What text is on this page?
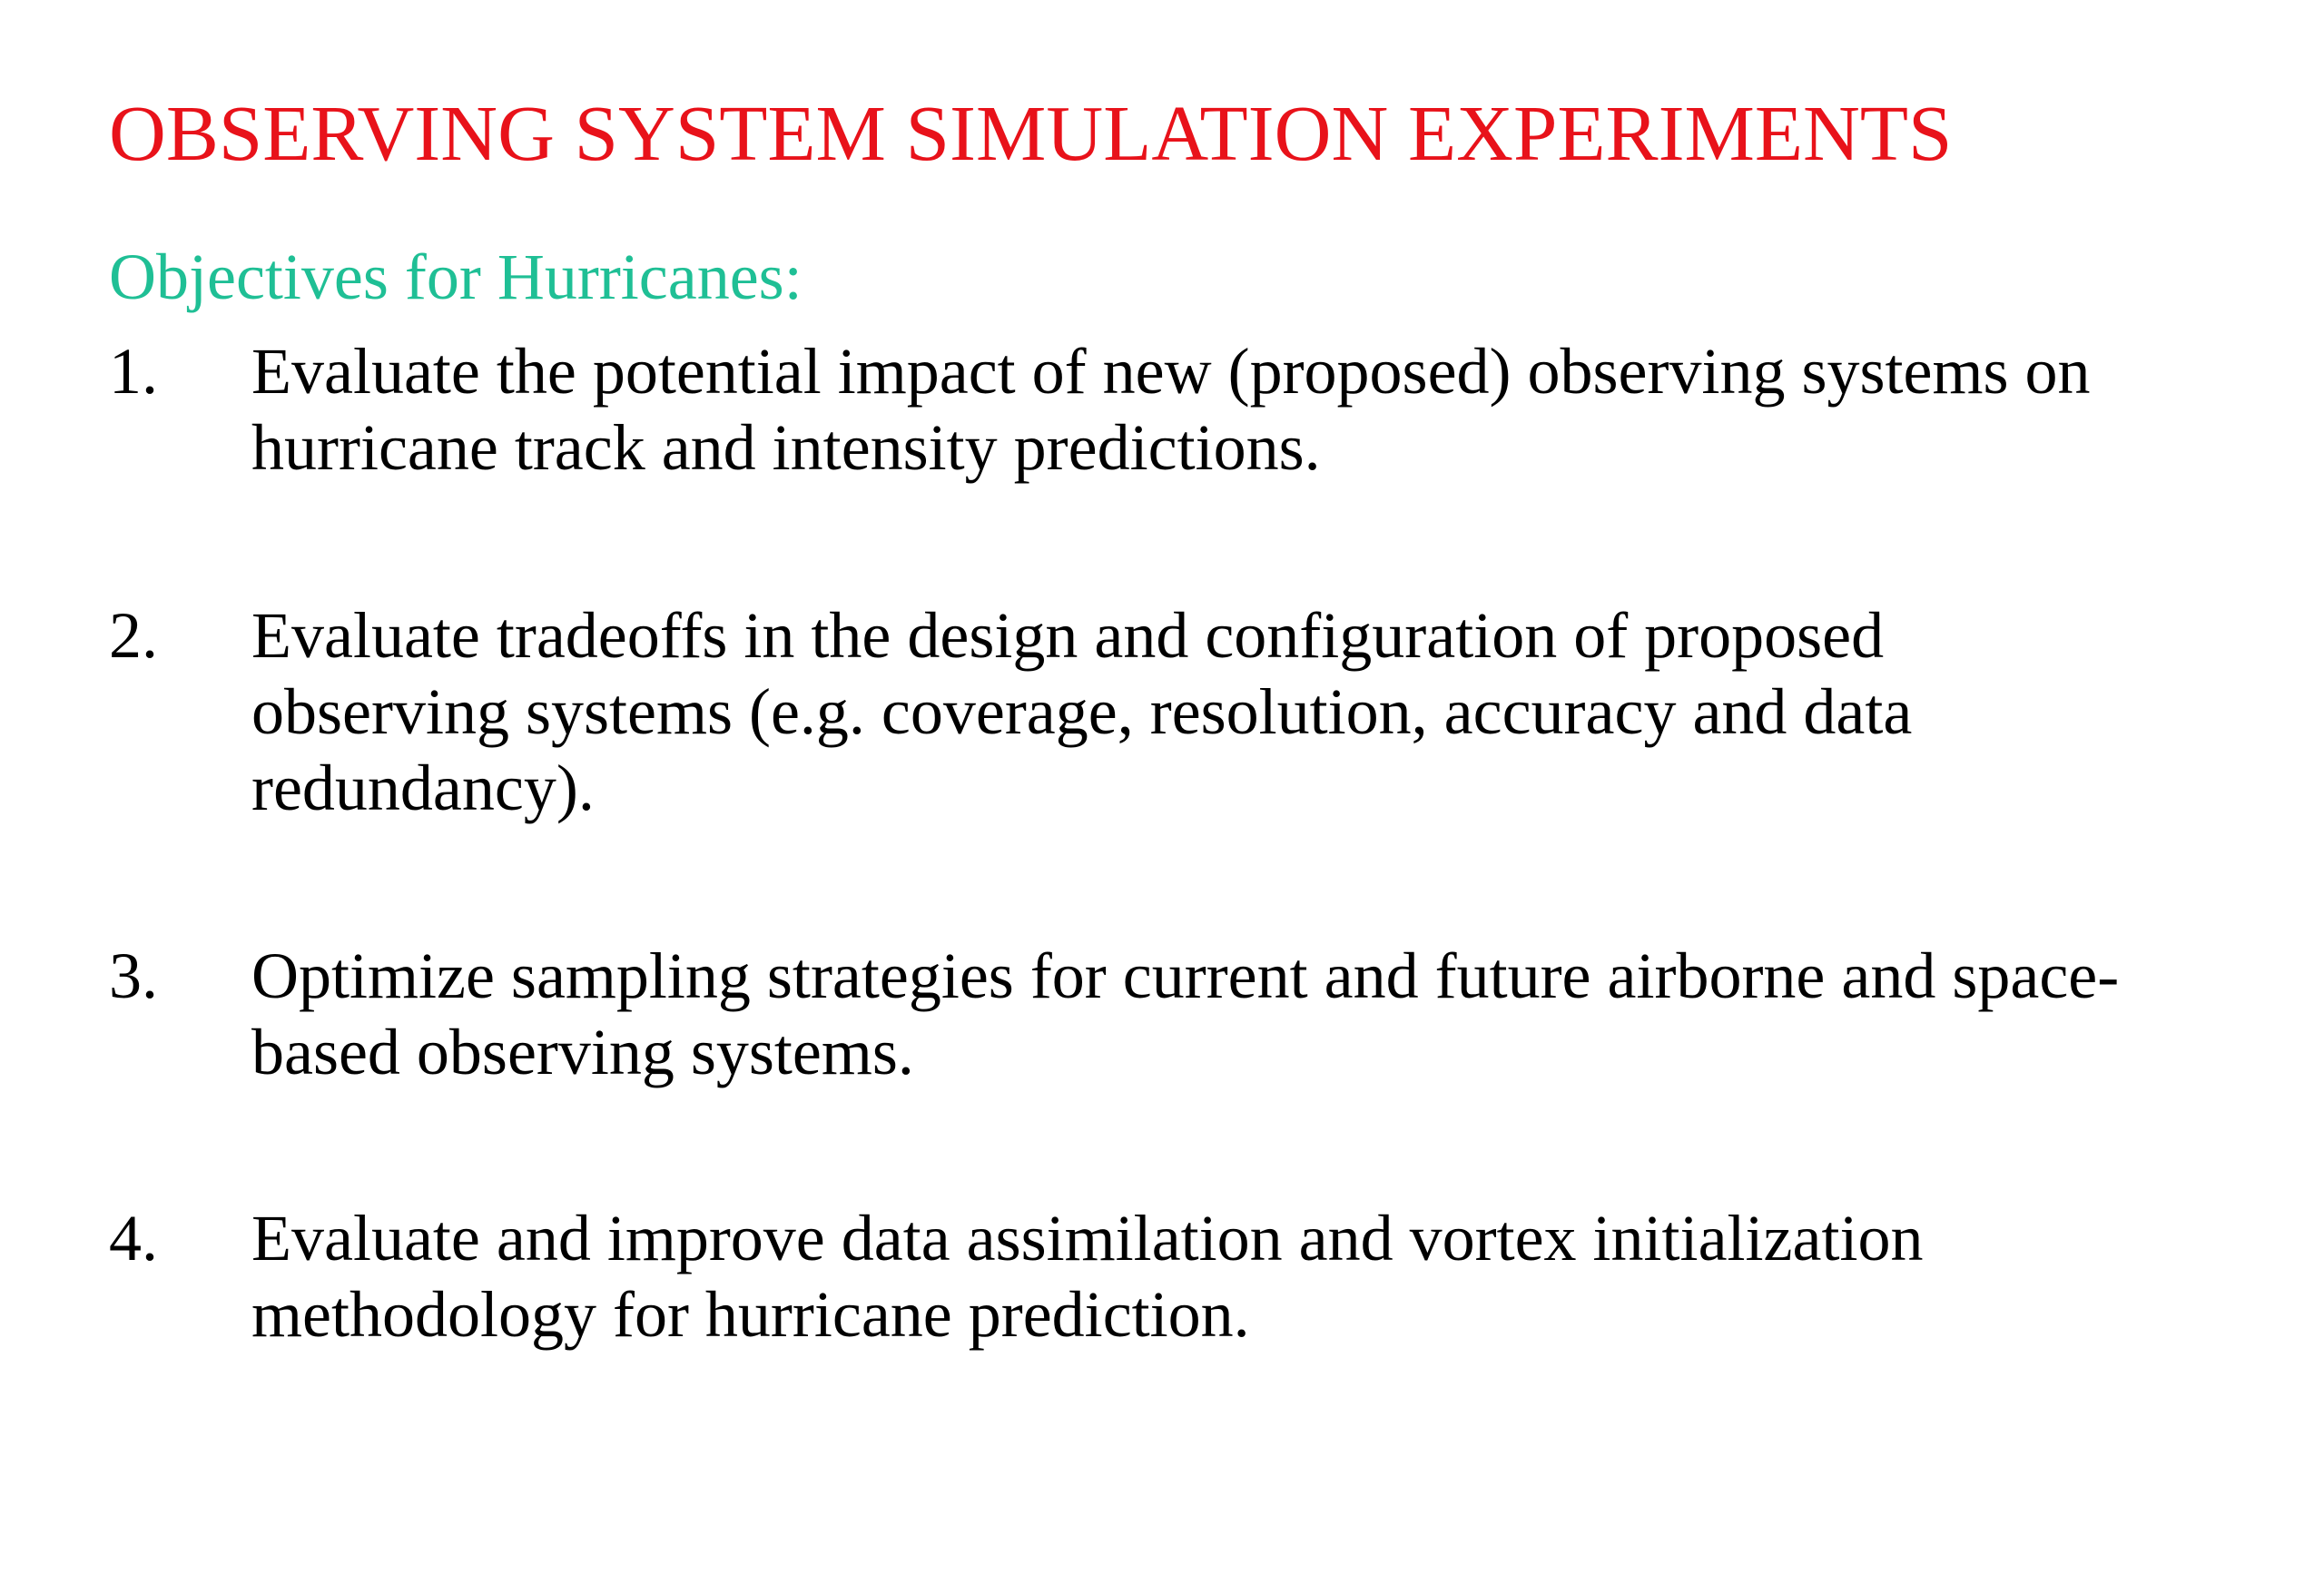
OBSERVING SYSTEM SIMULATION EXPERIMENTS
Objectives for Hurricanes:
1. Evaluate the potential impact of new (proposed) observing systems on
hurricane track and intensity predictions.
2. Evaluate tradeoffs in the design and configuration of proposed
observing systems (e.g. coverage, resolution, accuracy and data
redundancy).
3. Optimize sampling strategies for current and future airborne and space-
based observing systems.
4. Evaluate and improve data assimilation and vortex initialization
methodology for hurricane prediction.
